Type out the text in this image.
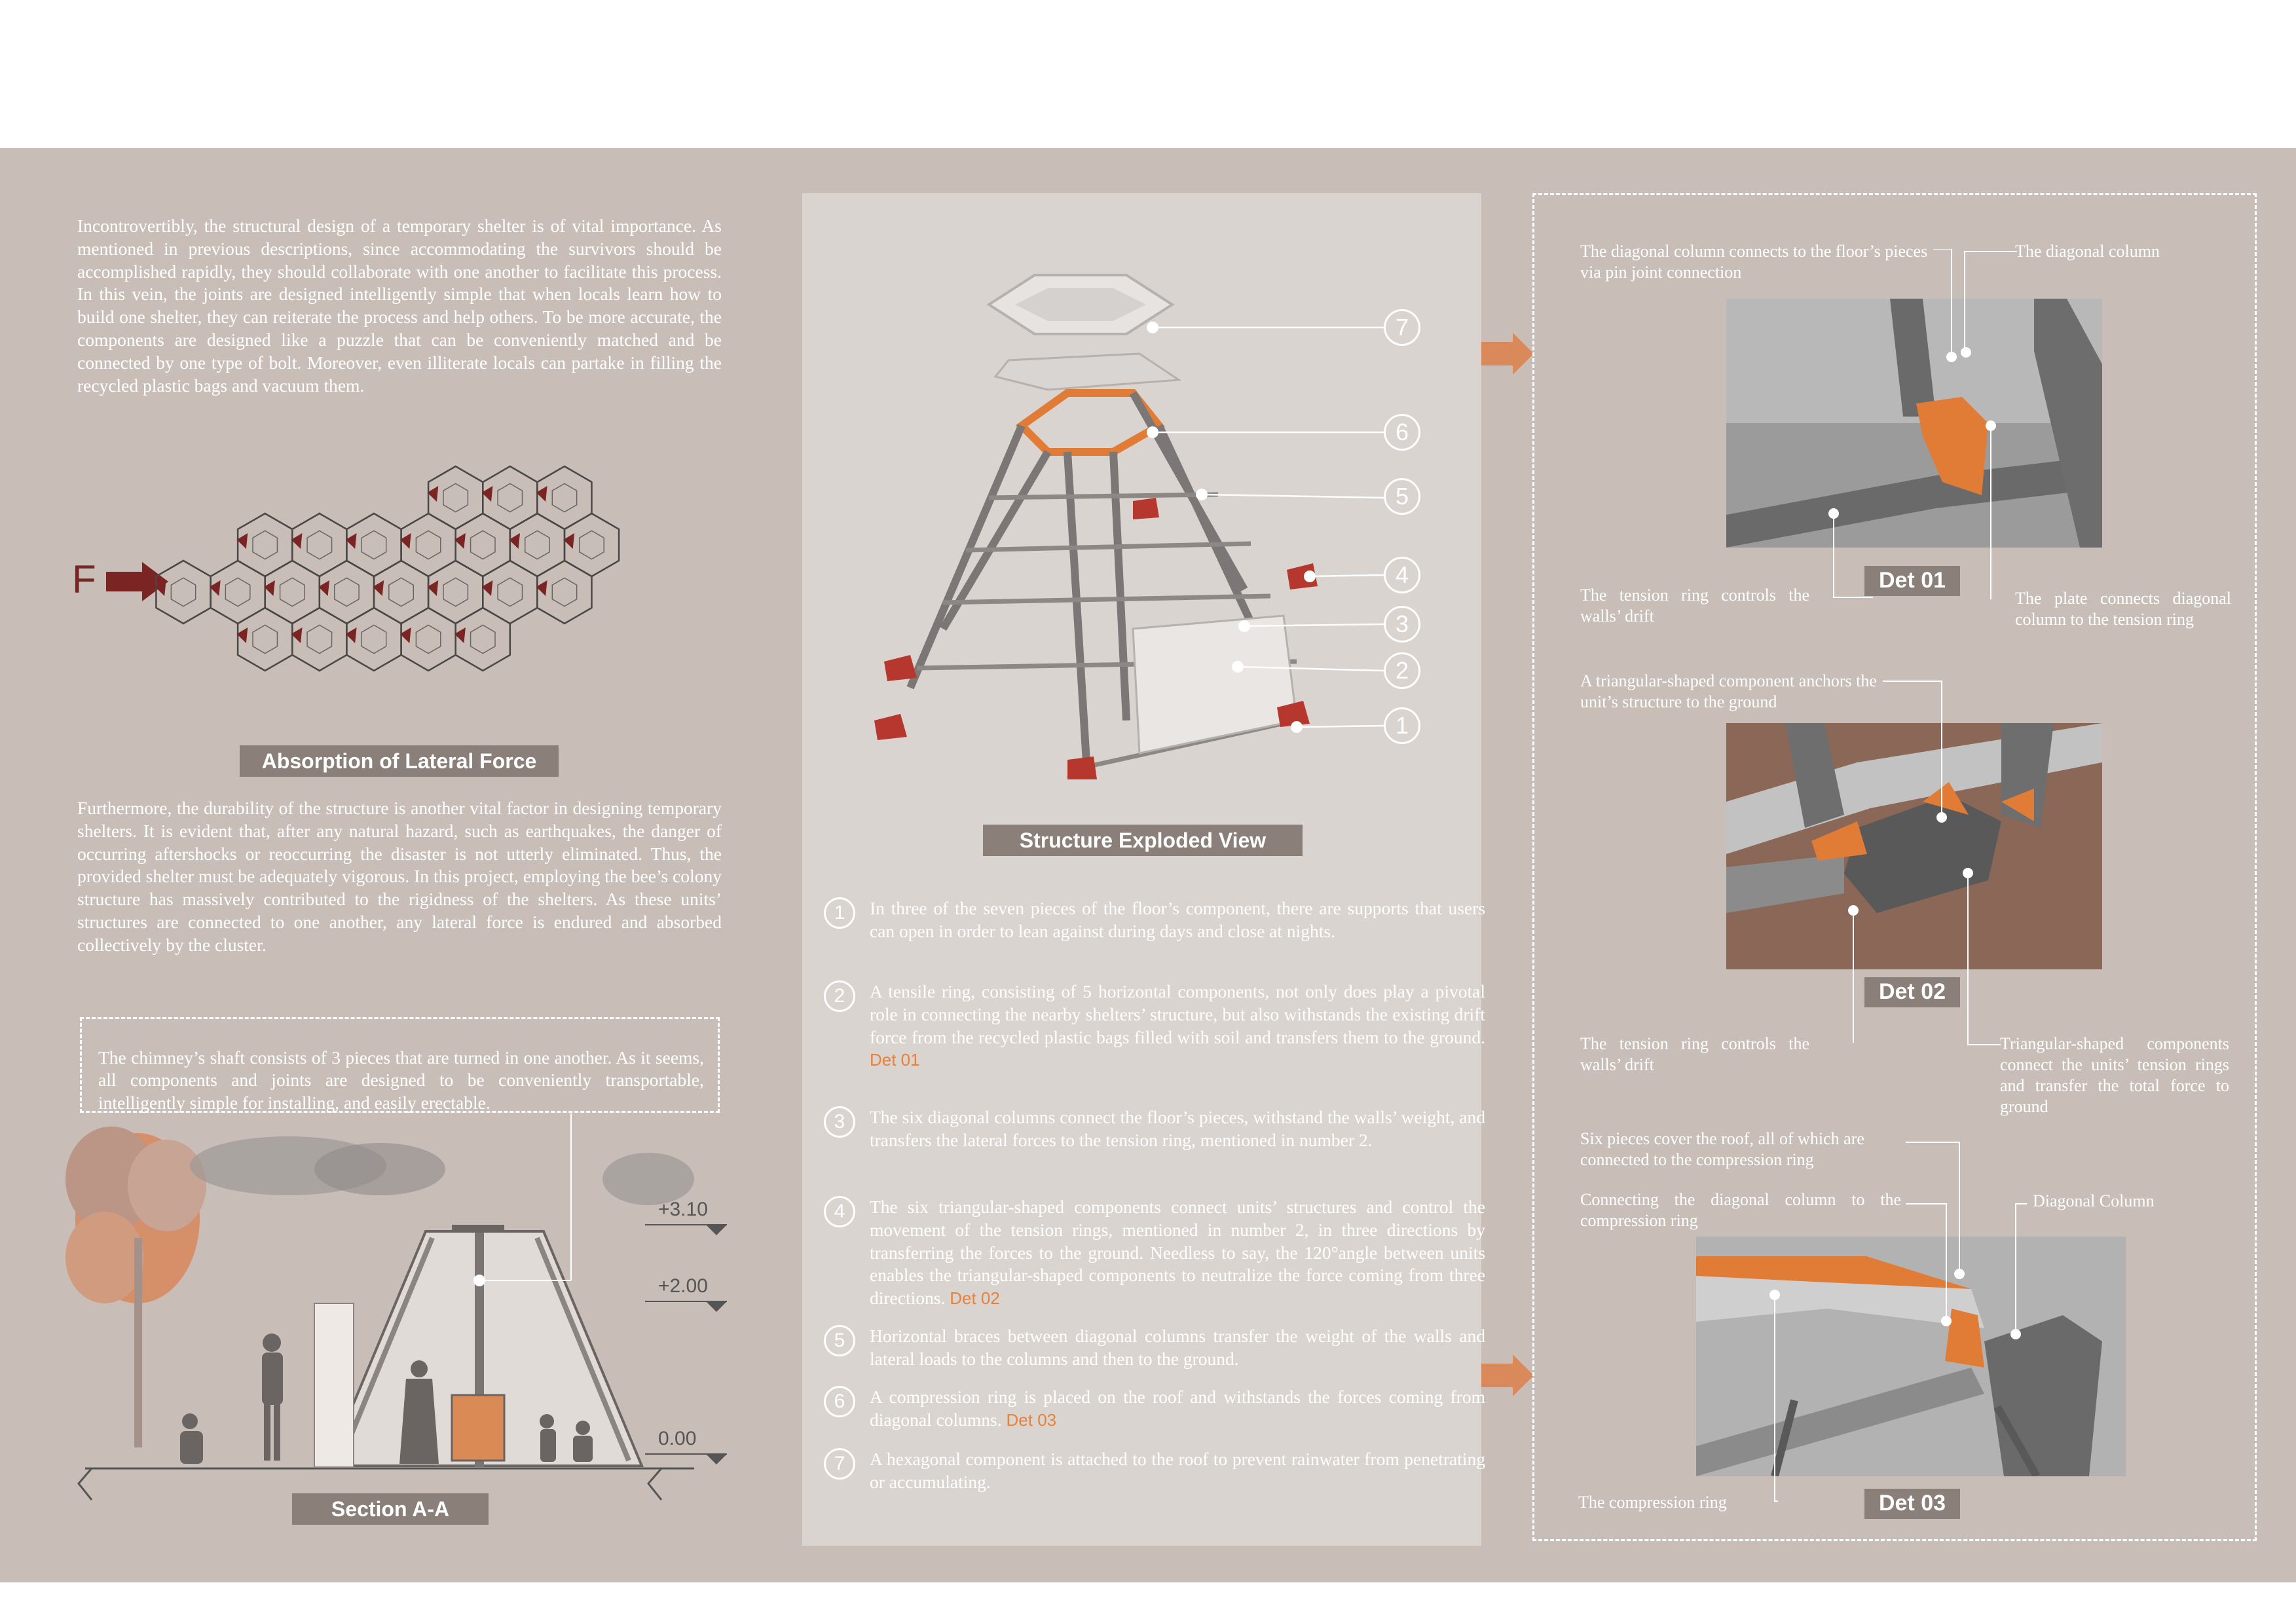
Incontrovertibly, the structural design of a temporary shelter is of vital importance. As mentioned in previous descriptions, since accommodating the survivors should be accomplished rapidly, they should collaborate with one another to facilitate this process. In this vein, the joints are designed intelligently simple that when locals learn how to build one shelter, they can reiterate the process and help others. To be more accurate, the components are designed like a puzzle that can be conveniently matched and be connected by one type of bolt. Moreover, even illiterate locals can partake in filling the recycled plastic bags and vacuum them.

F
Absorption of Lateral Force

Furthermore, the durability of the structure is another vital factor in designing temporary shelters. It is evident that, after any natural hazard, such as earthquakes, the danger of occurring aftershocks or reoccurring the disaster is not utterly eliminated. Thus, the provided shelter must be adequately vigorous. In this project, employing the bee’s colony structure has massively contributed to the rigidness of the shelters. As these units’ structures are connected to one another, any lateral force is endured and absorbed collectively by the cluster.

+3.10
+2.00
0.00

The chimney’s shaft consists of 3 pieces that are turned in one another. As it seems, all components and joints are designed to be conveniently transportable, intelligently simple for installing, and easily erectable.

Section A-A
7
6
5
4
3
2
1
Structure Exploded View
1	In three of the seven pieces of the floor’s component, there are supports that users can open in order to lean against during days and close at nights.

2	A tensile ring, consisting of 5 horizontal components, not only does play a pivotal role in connecting the nearby shelters’ structure, but also withstands the existing drift force from the recycled plastic bags filled with soil and transfers them to the ground. Det 01

3	The six diagonal columns connect the floor’s pieces, withstand the walls’ weight, and transfers the lateral forces to the tension ring, mentioned in number 2.

4	The six triangular-shaped components connect units’ structures and control the movement of the tension rings, mentioned in number 2, in three directions by transferring the forces to the ground. Needless to say, the 120°angle between units enables the triangular-shaped components to neutralize the force coming from three directions. Det 02

5	Horizontal braces between diagonal columns transfer the weight of the walls and lateral loads to the columns and then to the ground.

6	A compression ring is placed on the roof and withstands the forces coming from diagonal columns. Det 03

7	A hexagonal component is attached to the roof to prevent rainwater from penetrating or accumulating.

The diagonal column connects to the floor’s pieces via pin joint connection

The diagonal column

The tension ring controls the walls’ drift

The plate connects diagonal column to the tension ring

Det 01

A triangular-shaped component anchors the unit’s structure to the ground

Det 02

The tension ring controls the walls’ drift

Triangular-shaped components connect the units’ tension rings and transfer the total force to ground

Six pieces cover the roof, all of which are connected to the compression ring

Connecting the diagonal column to the compression ring

Diagonal Column

Det 03

The compression ring
